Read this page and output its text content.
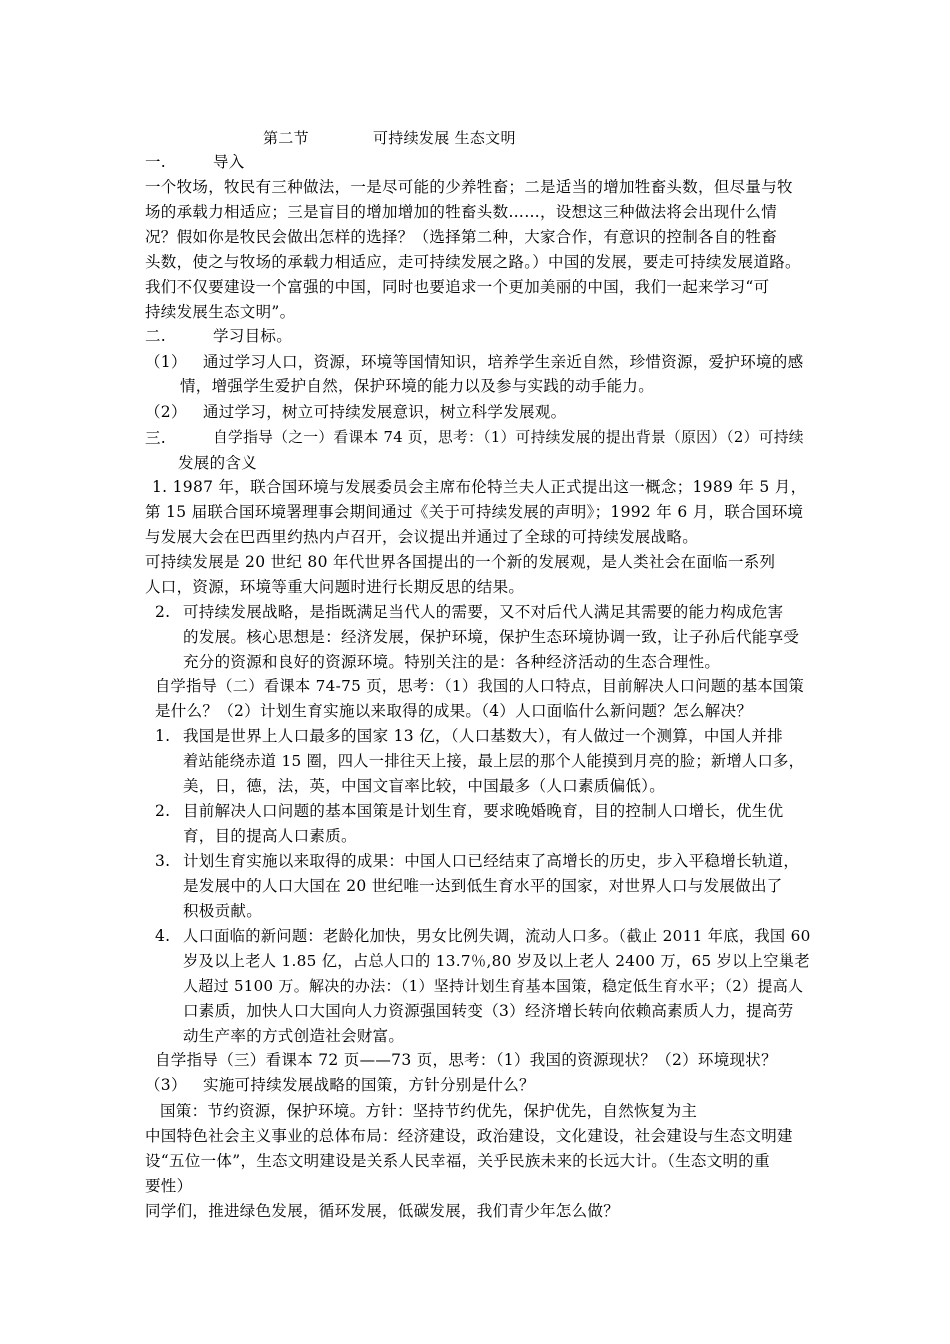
第二节	可持续发展 生态文明
一.	导入
一个牧场，牧民有三种做法，一是尽可能的少养牲畜；二是适当的增加牲畜头数，但尽量与牧
场的承载力相适应；三是盲目的增加增加的牲畜头数……，设想这三种做法将会出现什么情
况？假如你是牧民会做出怎样的选择？（选择第二种，大家合作，有意识的控制各自的牲畜
头数，使之与牧场的承载力相适应，走可持续发展之路。）中国的发展，要走可持续发展道路。
我们不仅要建设一个富强的中国，同时也要追求一个更加美丽的中国，我们一起来学习“可
持续发展生态文明”。
二.	学习目标。
（1） 通过学习人口，资源，环境等国情知识，培养学生亲近自然，珍惜资源，爱护环境的感
情，增强学生爱护自然，保护环境的能力以及参与实践的动手能力。
（2） 通过学习，树立可持续发展意识，树立科学发展观。
三.	自学指导（之一）看课本 74 页，思考：（1）可持续发展的提出背景（原因）（2）可持续
发展的含义
1. 1987 年，联合国环境与发展委员会主席布伦特兰夫人正式提出这一概念；1989 年 5 月，
第 15 届联合国环境署理事会期间通过《关于可持续发展的声明》；1992 年 6 月，联合国环境
与发展大会在巴西里约热内卢召开，会议提出并通过了全球的可持续发展战略。
可持续发展是 20 世纪 80 年代世界各国提出的一个新的发展观，是人类社会在面临一系列
人口，资源，环境等重大问题时进行长期反思的结果。
2. 可持续发展战略，是指既满足当代人的需要，又不对后代人满足其需要的能力构成危害
的发展。核心思想是：经济发展，保护环境，保护生态环境协调一致，让子孙后代能享受
充分的资源和良好的资源环境。特别关注的是：各种经济活动的生态合理性。
自学指导（二）看课本 74-75 页，思考：（1）我国的人口特点，目前解决人口问题的基本国策
是什么？（2）计划生育实施以来取得的成果。（4）人口面临什么新问题？怎么解决？
1. 我国是世界上人口最多的国家 13 亿，（人口基数大），有人做过一个测算，中国人并排
着站能绕赤道 15 圈，四人一排往天上接，最上层的那个人能摸到月亮的脸；新增人口多，
美，日，德，法，英，中国文盲率比较，中国最多（人口素质偏低）。
2. 目前解决人口问题的基本国策是计划生育，要求晚婚晚育，目的控制人口增长，优生优
育，目的提高人口素质。
3. 计划生育实施以来取得的成果：中国人口已经结束了高增长的历史，步入平稳增长轨道，
是发展中的人口大国在 20 世纪唯一达到低生育水平的国家，对世界人口与发展做出了
积极贡献。
4. 人口面临的新问题：老龄化加快，男女比例失调，流动人口多。（截止 2011 年底，我国 60
岁及以上老人 1.85 亿，占总人口的 13.7％,80 岁及以上老人 2400 万，65 岁以上空巢老
人超过 5100 万。解决的办法：（1）坚持计划生育基本国策，稳定低生育水平；（2）提高人
口素质，加快人口大国向人力资源强国转变（3）经济增长转向依赖高素质人力，提高劳
动生产率的方式创造社会财富。
自学指导（三）看课本 72 页——73 页，思考：（1）我国的资源现状？（2）环境现状？
（3） 实施可持续发展战略的国策，方针分别是什么？
国策：节约资源，保护环境。方针：坚持节约优先，保护优先，自然恢复为主
中国特色社会主义事业的总体布局：经济建设，政治建设，文化建设，社会建设与生态文明建
设“五位一体”，生态文明建设是关系人民幸福，关乎民族未来的长远大计。（生态文明的重
要性）
同学们，推进绿色发展，循环发展，低碳发展，我们青少年怎么做？
